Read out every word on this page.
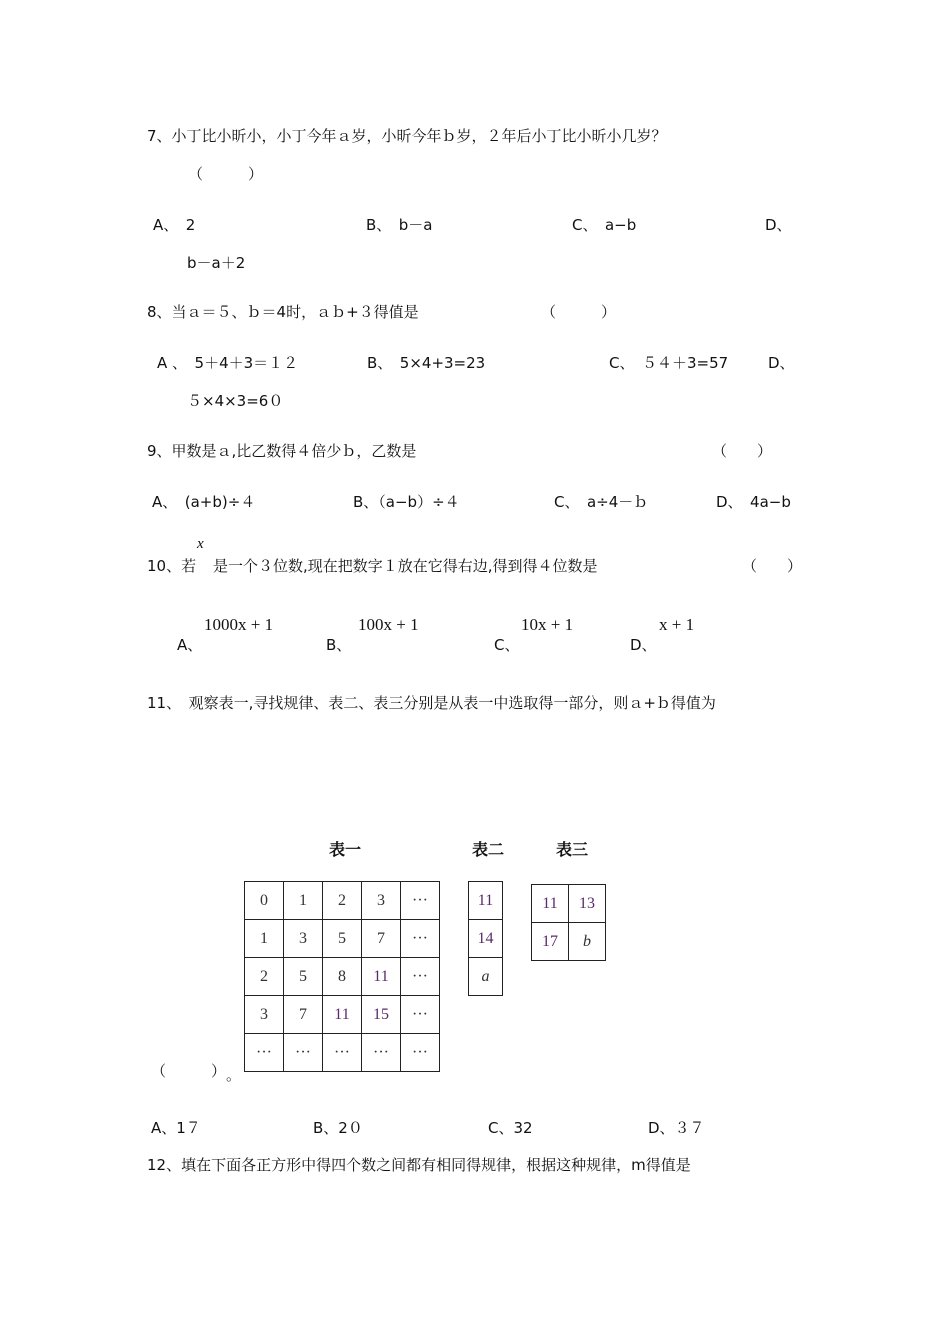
7、小丁比小昕小，小丁今年ａ岁，小昕今年ｂ岁，２年后小丁比小昕小几岁？
（　　　）
A、　2	B、　b－a	C、　a−b	D、
b－a＋2
8、当ａ＝５、ｂ＝4时，ａｂ+３得值是	（　　　）
A 、　5＋4＋3＝１２	B、　5×4+3=23	C、　５４＋3=57	D、
５×4×3=6０
9、甲数是ａ,比乙数得４倍少ｂ，乙数是	（　　）
A、　(a+b)÷４	B、（a−b）÷４	C、　a÷4－ｂ	D、　4a−b
x
10、若 是一个３位数,现在把数字１放在它得右边,得到得４位数是	（　　）
1000x + 1	100x + 1	10x + 1	x + 1
A、	B、	C、	D、
11、　观察表一,寻找规律、表二、表三分别是从表一中选取得一部分，则ａ+ｂ得值为
表一	表二	表三
0	1	2	3	···
1	3	5	7	···
2	5	8	11	···
3	7	11	15	···
···	···	···	···	···
11
14
a
11	13
17	b
（　　　） 。
A、1７	B、2０	C、32	D、３７
12、填在下面各正方形中得四个数之间都有相同得规律，根据这种规律，m得值是
